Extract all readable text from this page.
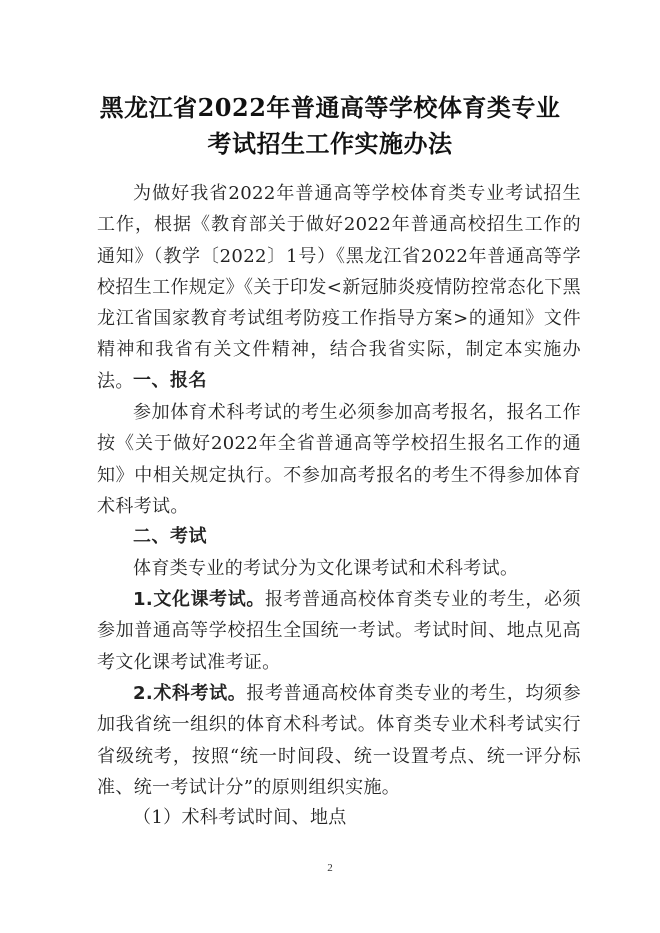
黑龙江省2022年普通高等学校体育类专业
考试招生工作实施办法

为做好我省2022年普通高等学校体育类专业考试招生工作，根据《教育部关于做好2022年普通高校招生工作的通知》（教学〔2022〕1号）《黑龙江省2022年普通高等学校招生工作规定》《关于印发<新冠肺炎疫情防控常态化下黑龙江省国家教育考试组考防疫工作指导方案>的通知》文件精神和我省有关文件精神，结合我省实际，制定本实施办法。 一、报名

参加体育术科考试的考生必须参加高考报名，报名工作按《关于做好2022年全省普通高等学校招生报名工作的通知》中相关规定执行。不参加高考报名的考生不得参加体育术科考试。

二、考试

体育类专业的考试分为文化课考试和术科考试。

1.文化课考试。报考普通高校体育类专业的考生，必须参加普通高等学校招生全国统一考试。考试时间、地点见高考文化课考试准考证。

2.术科考试。报考普通高校体育类专业的考生，均须参加我省统一组织的体育术科考试。体育类专业术科考试实行省级统考，按照“统一时间段、统一设置考点、统一评分标准、统一考试计分”的原则组织实施。

（1）术科考试时间、地点
2
